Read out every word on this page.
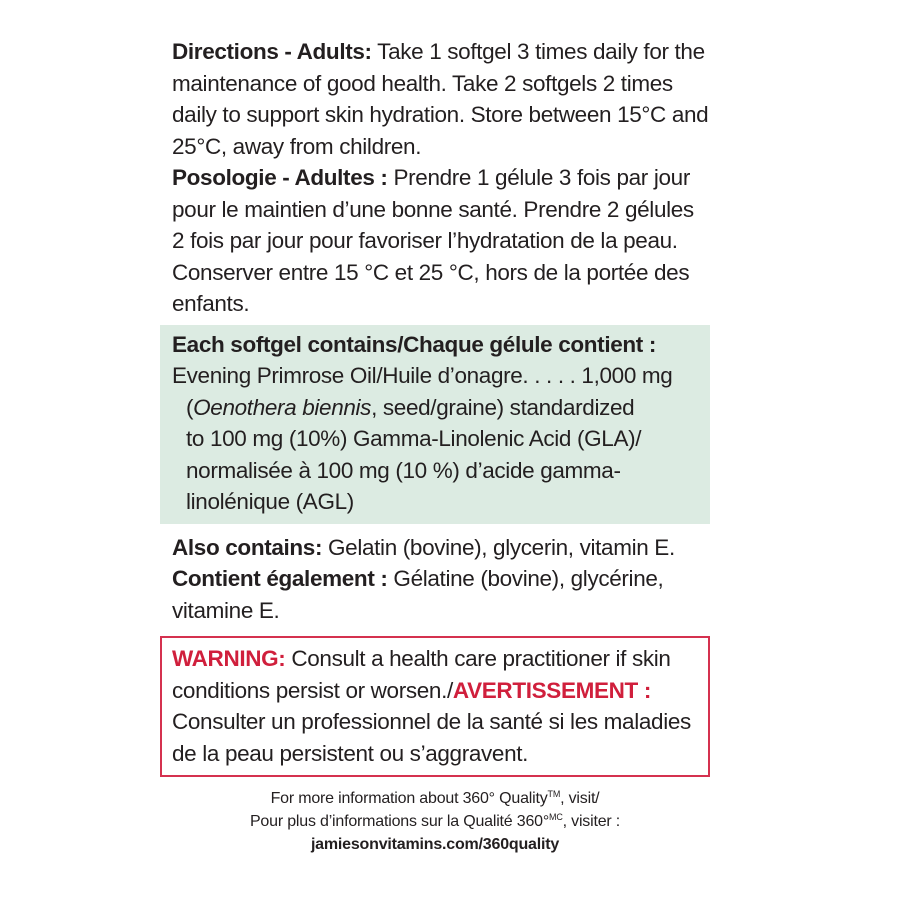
Directions - Adults: Take 1 softgel 3 times daily for the maintenance of good health. Take 2 softgels 2 times daily to support skin hydration. Store between 15°C and 25°C, away from children.

Posologie - Adultes : Prendre 1 gélule 3 fois par jour pour le maintien d’une bonne santé. Prendre 2 gélules 2 fois par jour pour favoriser l’hydratation de la peau. Conserver entre 15 °C et 25 °C, hors de la portée des enfants.

Each softgel contains/Chaque gélule contient :

Evening Primrose Oil/Huile d’onagre. . . . . 1,000 mg

(Oenothera biennis, seed/graine) standardized

to 100 mg (10%) Gamma-Linolenic Acid (GLA)/ normalisée à 100 mg (10 %) d’acide gamma-linolénique (AGL)

Also contains: Gelatin (bovine), glycerin, vitamin E.

Contient également : Gélatine (bovine), glycérine, vitamine E.

WARNING: Consult a health care practitioner if skin conditions persist or worsen./AVERTISSEMENT : Consulter un professionnel de la santé si les maladies de la peau persistent ou s’aggravent.

For more information about 360° Quality™, visit/

Pour plus d’informations sur la Qualité 360°$^{MC}$, visiter :

jamiesonvitamins.com/360quality
